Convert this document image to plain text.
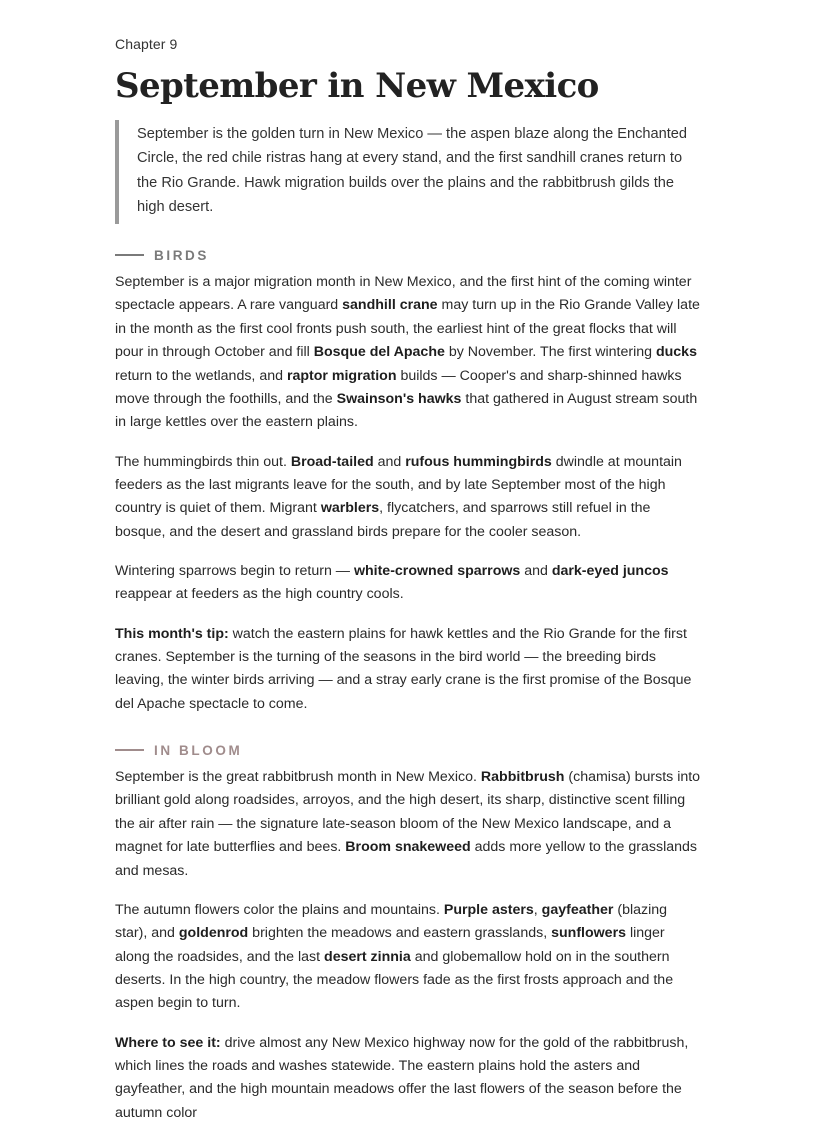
Chapter 9
September in New Mexico
September is the golden turn in New Mexico — the aspen blaze along the Enchanted Circle, the red chile ristras hang at every stand, and the first sandhill cranes return to the Rio Grande. Hawk migration builds over the plains and the rabbitbrush gilds the high desert.
BIRDS

September is a major migration month in New Mexico, and the first hint of the coming winter spectacle appears. A rare vanguard sandhill crane may turn up in the Rio Grande Valley late in the month as the first cool fronts push south, the earliest hint of the great flocks that will pour in through October and fill Bosque del Apache by November. The first wintering ducks return to the wetlands, and raptor migration builds — Cooper's and sharp-shinned hawks move through the foothills, and the Swainson's hawks that gathered in August stream south in large kettles over the eastern plains.

The hummingbirds thin out. Broad-tailed and rufous hummingbirds dwindle at mountain feeders as the last migrants leave for the south, and by late September most of the high country is quiet of them. Migrant warblers, flycatchers, and sparrows still refuel in the bosque, and the desert and grassland birds prepare for the cooler season.

Wintering sparrows begin to return — white-crowned sparrows and dark-eyed juncos reappear at feeders as the high country cools.

This month's tip: watch the eastern plains for hawk kettles and the Rio Grande for the first cranes. September is the turning of the seasons in the bird world — the breeding birds leaving, the winter birds arriving — and a stray early crane is the first promise of the Bosque del Apache spectacle to come.

IN BLOOM

September is the great rabbitbrush month in New Mexico. Rabbitbrush (chamisa) bursts into brilliant gold along roadsides, arroyos, and the high desert, its sharp, distinctive scent filling the air after rain — the signature late-season bloom of the New Mexico landscape, and a magnet for late butterflies and bees. Broom snakeweed adds more yellow to the grasslands and mesas.

The autumn flowers color the plains and mountains. Purple asters, gayfeather (blazing star), and goldenrod brighten the meadows and eastern grasslands, sunflowers linger along the roadsides, and the last desert zinnia and globemallow hold on in the southern deserts. In the high country, the meadow flowers fade as the first frosts approach and the aspen begin to turn.

Where to see it: drive almost any New Mexico highway now for the gold of the rabbitbrush, which lines the roads and washes statewide. The eastern plains hold the asters and gayfeather, and the high mountain meadows offer the last flowers of the season before the autumn color
